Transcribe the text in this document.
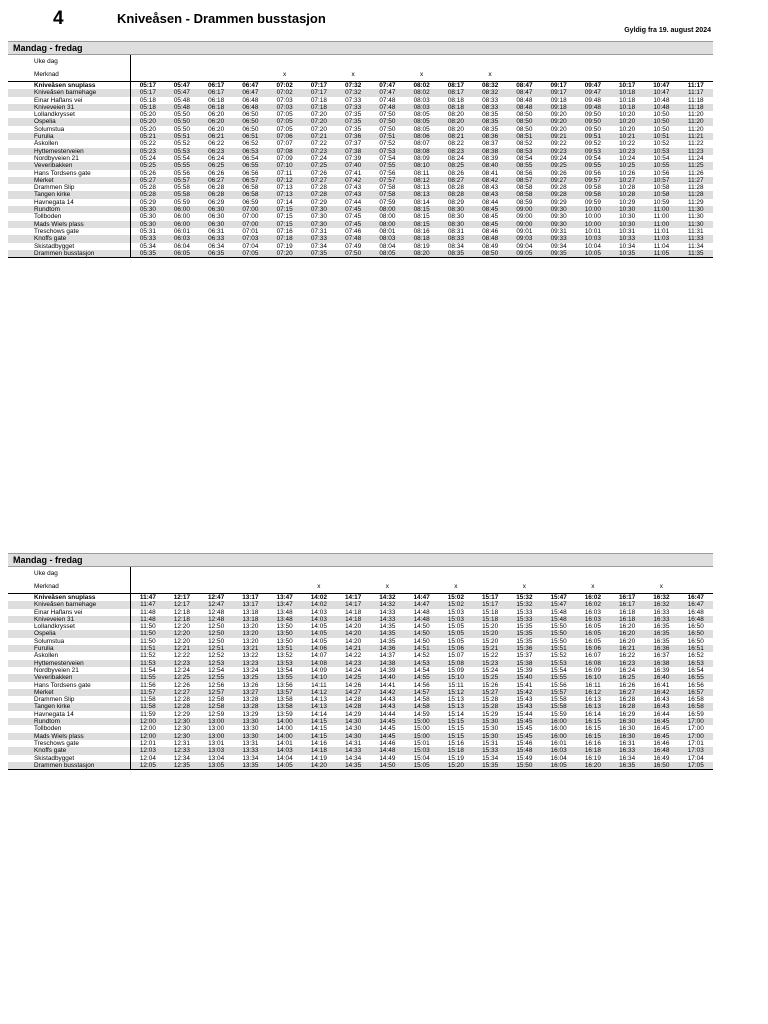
4	Kniveåsen - Drammen busstasjon
Gyldig fra 19. august 2024
Mandag - fredag
Uke dag																	
Merknad					x		x		x		x						
Kniveåsen snuplass	05:17	05:47	06:17	06:47	07:02	07:17	07:32	07:47	08:02	08:17	08:32	08:47	09:17	09:47	10:17	10:47	11:17
Kniveåsen barnehage	05:17	05:47	06:17	06:47	07:02	07:17	07:32	07:47	08:02	08:17	08:32	08:47	09:17	09:47	10:18	10:47	11:17
Einar Haflans vei	05:18	05:48	06:18	06:48	07:03	07:18	07:33	07:48	08:03	08:18	08:33	08:48	09:18	09:48	10:18	10:48	11:18
Kniveveien 31	05:18	05:48	06:18	06:48	07:03	07:18	07:33	07:48	08:03	08:18	08:33	08:48	09:18	09:48	10:18	10:48	11:18
Lollandkrysset	05:20	05:50	06:20	06:50	07:05	07:20	07:35	07:50	08:05	08:20	08:35	08:50	09:20	09:50	10:20	10:50	11:20
Ospelia	05:20	05:50	06:20	06:50	07:05	07:20	07:35	07:50	08:05	08:20	08:35	08:50	09:20	09:50	10:20	10:50	11:20
Solumstua	05:20	05:50	06:20	06:50	07:05	07:20	07:35	07:50	08:05	08:20	08:35	08:50	09:20	09:50	10:20	10:50	11:20
Furulia	05:21	05:51	06:21	06:51	07:06	07:21	07:36	07:51	08:06	08:21	08:36	08:51	09:21	09:51	10:21	10:51	11:21
Åskollen	05:22	05:52	06:22	06:52	07:07	07:22	07:37	07:52	08:07	08:22	08:37	08:52	09:22	09:52	10:22	10:52	11:22
Hyttemesterveien	05:23	05:53	06:23	06:53	07:08	07:23	07:38	07:53	08:08	08:23	08:38	08:53	09:23	09:53	10:23	10:53	11:23
Nordbyveien 21	05:24	05:54	06:24	06:54	07:09	07:24	07:39	07:54	08:09	08:24	08:39	08:54	09:24	09:54	10:24	10:54	11:24
Veveribakken	05:25	05:55	06:25	06:55	07:10	07:25	07:40	07:55	08:10	08:25	08:40	08:55	09:25	09:55	10:25	10:55	11:25
Hans Tordsens gate	05:26	05:56	06:26	06:56	07:11	07:26	07:41	07:56	08:11	08:26	08:41	08:56	09:26	09:56	10:26	10:56	11:26
Merket	05:27	05:57	06:27	06:57	07:12	07:27	07:42	07:57	08:12	08:27	08:42	08:57	09:27	09:57	10:27	10:57	11:27
Drammen Slip	05:28	05:58	06:28	06:58	07:13	07:28	07:43	07:58	08:13	08:28	08:43	08:58	09:28	09:58	10:28	10:58	11:28
Tangen kirke	05:28	05:58	06:28	06:58	07:13	07:28	07:43	07:58	08:13	08:28	08:43	08:58	09:28	09:58	10:28	10:58	11:28
Havnegata 14	05:29	05:59	06:29	06:59	07:14	07:29	07:44	07:59	08:14	08:29	08:44	08:59	09:29	09:59	10:29	10:59	11:29
Rundtom	05:30	06:00	06:30	07:00	07:15	07:30	07:45	08:00	08:15	08:30	08:45	09:00	09:30	10:00	10:30	11:00	11:30
Tollboden	05:30	06:00	06:30	07:00	07:15	07:30	07:45	08:00	08:15	08:30	08:45	09:00	09:30	10:00	10:30	11:00	11:30
Mads Wiels plass	05:30	06:00	06:30	07:00	07:15	07:30	07:45	08:00	08:15	08:30	08:45	09:00	09:30	10:00	10:30	11:00	11:30
Treschows gate	05:31	06:01	06:31	07:01	07:16	07:31	07:46	08:01	08:16	08:31	08:46	09:01	09:31	10:01	10:31	11:01	11:31
Knoffs gate	05:33	06:03	06:33	07:03	07:18	07:33	07:48	08:03	08:18	08:33	08:48	09:03	09:33	10:03	10:33	11:03	11:33
Skistadbygget	05:34	06:04	06:34	07:04	07:19	07:34	07:49	08:04	08:19	08:34	08:49	09:04	09:34	10:04	10:34	11:04	11:34
Drammen busstasjon	05:35	06:05	06:35	07:05	07:20	07:35	07:50	08:05	08:20	08:35	08:50	09:05	09:35	10:05	10:35	11:05	11:35
Mandag - fredag
Uke dag																	
Merknad						x		x		x		x		x		x	
Kniveåsen snuplass	11:47	12:17	12:47	13:17	13:47	14:02	14:17	14:32	14:47	15:02	15:17	15:32	15:47	16:02	16:17	16:32	16:47
Kniveåsen barnehage	11:47	12:17	12:47	13:17	13:47	14:02	14:17	14:32	14:47	15:02	15:17	15:32	15:47	16:02	16:17	16:32	16:47
Einar Haflans vei	11:48	12:18	12:48	13:18	13:48	14:03	14:18	14:33	14:48	15:03	15:18	15:33	15:48	16:03	16:18	16:33	16:48
Kniveveien 31	11:48	12:18	12:48	13:18	13:48	14:03	14:18	14:33	14:48	15:03	15:18	15:33	15:48	16:03	16:18	16:33	16:48
Lollandkrysset	11:50	12:20	12:50	13:20	13:50	14:05	14:20	14:35	14:50	15:05	15:20	15:35	15:50	16:05	16:20	16:35	16:50
Ospelia	11:50	12:20	12:50	13:20	13:50	14:05	14:20	14:35	14:50	15:05	15:20	15:35	15:50	16:05	16:20	16:35	16:50
Solumstua	11:50	12:20	12:50	13:20	13:50	14:05	14:20	14:35	14:50	15:05	15:20	15:35	15:50	16:05	16:20	16:35	16:50
Furulia	11:51	12:21	12:51	13:21	13:51	14:06	14:21	14:36	14:51	15:06	15:21	15:36	15:51	16:06	16:21	16:36	16:51
Åskollen	11:52	12:22	12:52	13:22	13:52	14:07	14:22	14:37	14:52	15:07	15:22	15:37	15:52	16:07	16:22	16:37	16:52
Hyttemesterveien	11:53	12:23	12:53	13:23	13:53	14:08	14:23	14:38	14:53	15:08	15:23	15:38	15:53	16:08	16:23	16:38	16:53
Nordbyveien 21	11:54	12:24	12:54	13:24	13:54	14:09	14:24	14:39	14:54	15:09	15:24	15:39	15:54	16:09	16:24	16:39	16:54
Veveribakken	11:55	12:25	12:55	13:25	13:55	14:10	14:25	14:40	14:55	15:10	15:25	15:40	15:55	16:10	16:25	16:40	16:55
Hans Tordsens gate	11:56	12:26	12:56	13:26	13:56	14:11	14:26	14:41	14:56	15:11	15:26	15:41	15:56	16:11	16:26	16:41	16:56
Merket	11:57	12:27	12:57	13:27	13:57	14:12	14:27	14:42	14:57	15:12	15:27	15:42	15:57	16:12	16:27	16:42	16:57
Drammen Slip	11:58	12:28	12:58	13:28	13:58	14:13	14:28	14:43	14:58	15:13	15:28	15:43	15:58	16:13	16:28	16:43	16:58
Tangen kirke	11:58	12:28	12:58	13:28	13:58	14:13	14:28	14:43	14:58	15:13	15:28	15:43	15:58	16:13	16:28	16:43	16:58
Havnegata 14	11:59	12:29	12:59	13:29	13:59	14:14	14:29	14:44	14:59	15:14	15:29	15:44	15:59	16:14	16:29	16:44	16:59
Rundtom	12:00	12:30	13:00	13:30	14:00	14:15	14:30	14:45	15:00	15:15	15:30	15:45	16:00	16:15	16:30	16:45	17:00
Tollboden	12:00	12:30	13:00	13:30	14:00	14:15	14:30	14:45	15:00	15:15	15:30	15:45	16:00	16:15	16:30	16:45	17:00
Mads Wiels plass	12:00	12:30	13:00	13:30	14:00	14:15	14:30	14:45	15:00	15:15	15:30	15:45	16:00	16:15	16:30	16:45	17:00
Treschows gate	12:01	12:31	13:01	13:31	14:01	14:16	14:31	14:46	15:01	15:16	15:31	15:46	16:01	16:16	16:31	16:46	17:01
Knoffs gate	12:03	12:33	13:03	13:33	14:03	14:18	14:33	14:48	15:03	15:18	15:33	15:48	16:03	16:18	16:33	16:48	17:03
Skistadbygget	12:04	12:34	13:04	13:34	14:04	14:19	14:34	14:49	15:04	15:19	15:34	15:49	16:04	16:19	16:34	16:49	17:04
Drammen busstasjon	12:05	12:35	13:05	13:35	14:05	14:20	14:35	14:50	15:05	15:20	15:35	15:50	16:05	16:20	16:35	16:50	17:05
